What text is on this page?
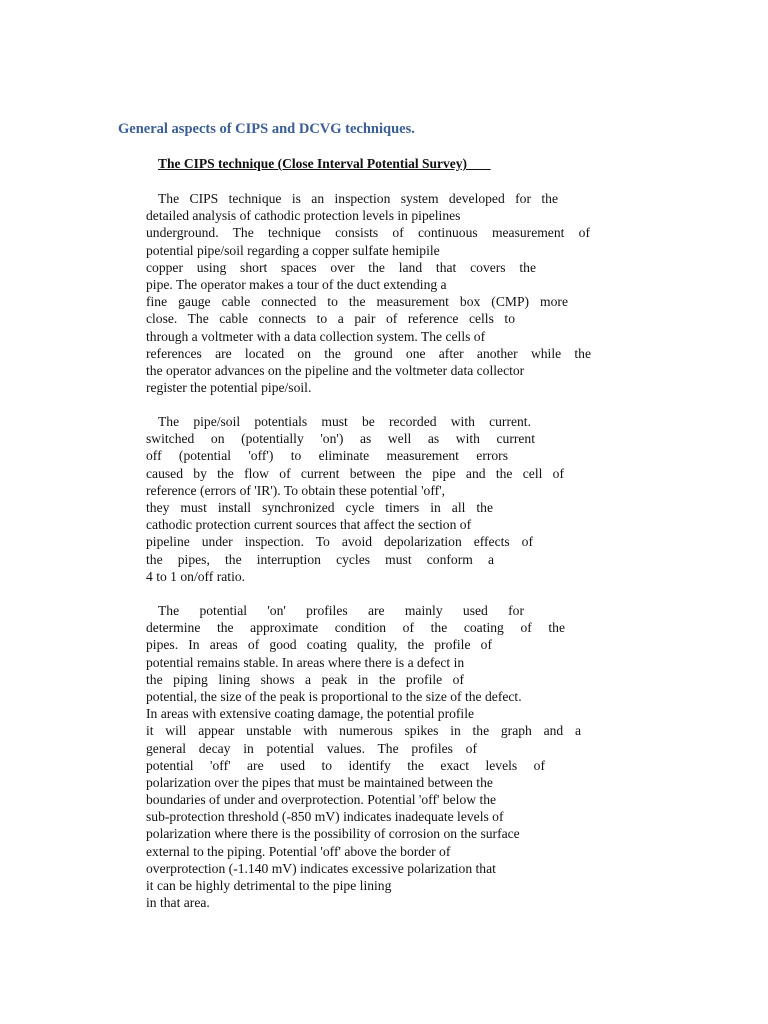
General aspects of CIPS and DCVG techniques.
The CIPS technique (Close Interval Potential Survey)
The CIPS technique is an inspection system developed for the
detailed analysis of cathodic protection levels in pipelines
underground. The technique consists of continuous measurement of
potential pipe/soil regarding a copper sulfate hemipile
copper using short spaces over the land that covers the
pipe. The operator makes a tour of the duct extending a
fine gauge cable connected to the measurement box (CMP) more
close. The cable connects to a pair of reference cells to
through a voltmeter with a data collection system. The cells of
references are located on the ground one after another while the
the operator advances on the pipeline and the voltmeter data collector
register the potential pipe/soil.
The pipe/soil potentials must be recorded with current.
switched on (potentially 'on') as well as with current
off (potential 'off') to eliminate measurement errors
caused by the flow of current between the pipe and the cell of
reference (errors of 'IR'). To obtain these potential 'off',
they must install synchronized cycle timers in all the
cathodic protection current sources that affect the section of
pipeline under inspection. To avoid depolarization effects of
the pipes, the interruption cycles must conform a
4 to 1 on/off ratio.
The potential 'on' profiles are mainly used for
determine the approximate condition of the coating of the
pipes. In areas of good coating quality, the profile of
potential remains stable. In areas where there is a defect in
the piping lining shows a peak in the profile of
potential, the size of the peak is proportional to the size of the defect.
In areas with extensive coating damage, the potential profile
it will appear unstable with numerous spikes in the graph and a
general decay in potential values. The profiles of
potential 'off' are used to identify the exact levels of
polarization over the pipes that must be maintained between the
boundaries of under and overprotection. Potential 'off' below the
sub-protection threshold (-850 mV) indicates inadequate levels of
polarization where there is the possibility of corrosion on the surface
external to the piping. Potential 'off' above the border of
overprotection (-1.140 mV) indicates excessive polarization that
it can be highly detrimental to the pipe lining
in that area.
